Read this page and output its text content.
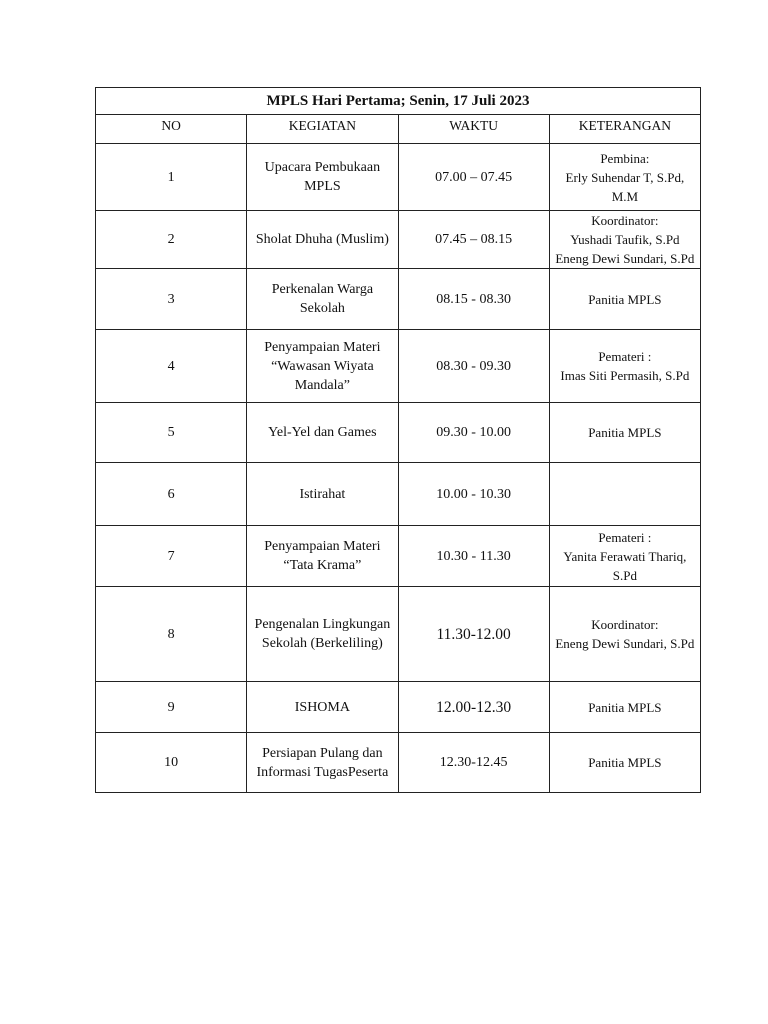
MPLS Hari Pertama; Senin, 17 Juli 2023			
NO	KEGIATAN	WAKTU	KETERANGAN
1	Upacara Pembukaan MPLS	07.00 – 07.45	Pembina:
Erly Suhendar T, S.Pd, M.M

2	Sholat Dhuha (Muslim)	07.45 – 08.15	Koordinator:
Yushadi Taufik, S.Pd
Eneng Dewi Sundari, S.Pd

3	Perkenalan Warga Sekolah	08.15 - 08.30	Panitia MPLS

4	Penyampaian Materi “Wawasan Wiyata Mandala”	08.30 - 09.30	Pemateri :
Imas Siti Permasih, S.Pd

5	Yel-Yel dan Games	09.30 - 10.00	Panitia MPLS

6	Istirahat	10.00 - 10.30	
7	Penyampaian Materi “Tata Krama”	10.30 - 11.30	Pemateri :
Yanita Ferawati Thariq, S.Pd

8	Pengenalan Lingkungan Sekolah (Berkeliling)	11.30-12.00	Koordinator:
Eneng Dewi Sundari, S.Pd

9	ISHOMA	12.00-12.30	Panitia MPLS

10	Persiapan Pulang dan Informasi TugasPeserta	12.30-12.45	Panitia MPLS
